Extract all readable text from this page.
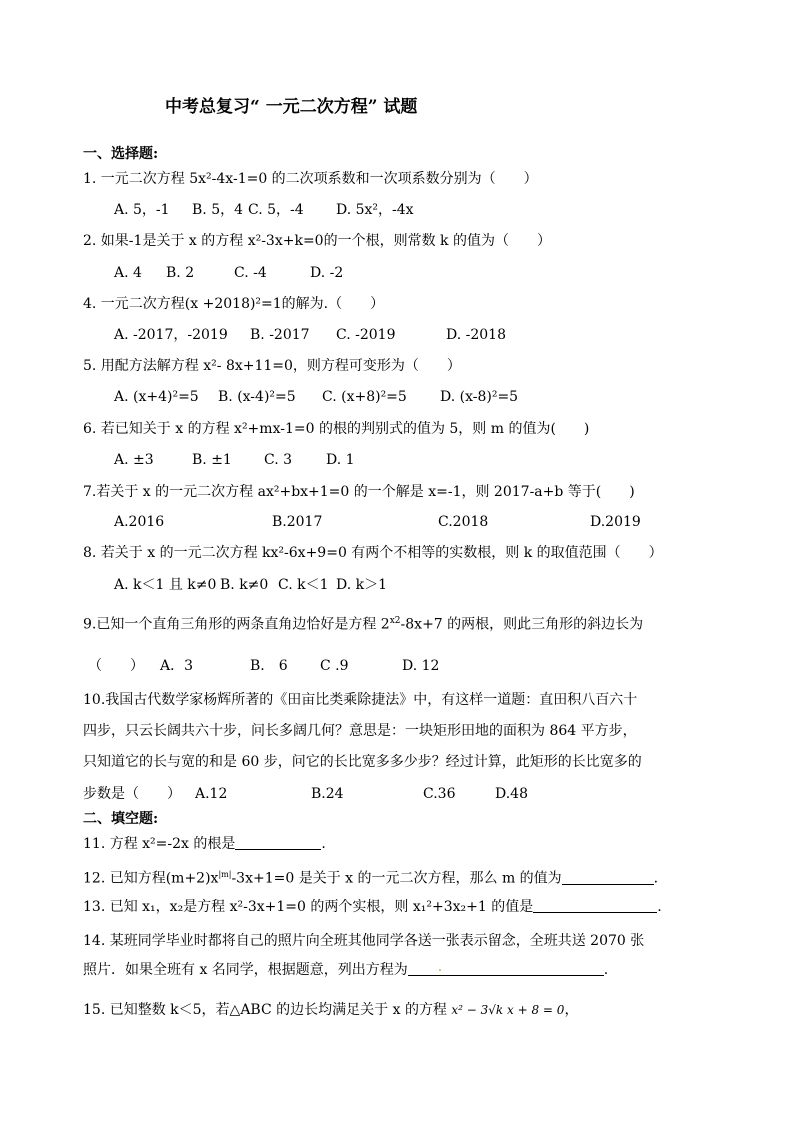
中考总复习“ 一元二次方程” 试题
一、选择题:
1. 一元二次方程 5x²-4x-1=0 的二次项系数和一次项系数分别为（　　）
A. 5，-1 B. 5，4 C. 5，-4 D. 5x²，-4x
2. 如果-1是关于 x 的方程 x²-3x+k=0的一个根，则常数 k 的值为（　　）
A. 4 B. 2	C. -4	D. -2
4. 一元二次方程(x +2018)²=1的解为.（　　）
A. -2017，-2019 B. -2017 C. -2019	D. -2018
5. 用配方法解方程 x²- 8x+11=0，则方程可变形为（　　）
A. (x+4)²=5 B. (x-4)²=5 C. (x+8)²=5 D. (x-8)²=5
6. 若已知关于 x 的方程 x²+mx-1=0 的根的判别式的值为 5，则 m 的值为(　　)
A. ±3	B. ±1 C. 3 D. 1
7.若关于 x 的一元二次方程 ax²+bx+1=0 的一个解是 x=-1，则 2017-a+b 等于(　　)
A.2016	B.2017	C.2018	D.2019
8. 若关于 x 的一元二次方程 kx²-6x+9=0 有两个不相等的实数根，则 k 的取值范围（　　）
A. k＜1 且 k≠0 B. k≠0 C. k＜1 D. k＞1
9.已知一个直角三角形的两条直角边恰好是方程 $2^{x2}-8x+7$ 的两根，则此三角形的斜边长为
（　　） A．3	B.　6 C .9	D. 12
10.我国古代数学家杨辉所著的《田亩比类乘除捷法》中，有这样一道题：直田积八百六十
四步，只云长阔共六十步，问长多阔几何？意思是：一块矩形田地的面积为 864 平方步，
只知道它的长与宽的和是 60 步，问它的长比宽多多少步？经过计算，此矩形的长比宽多的
步数是（　　） A.12	B.24	C.36	D.48
二、填空题:
11. 方程 x²=-2x 的根是	.
12. 已知方程$(m+2)x^{|m|}-3x+1=0$ 是关于 x 的一元二次方程，那么 m 的值为	.
13. 已知 x₁，x₂是方程 x²-3x+1=0 的两个实根，则 x₁²+3x₂+1 的值是	.
14. 某班同学毕业时都将自己的照片向全班其他同学各送一张表示留念，全班共送 2070 张
照片．如果全班有 x 名同学，根据题意，列出方程为 .	.
15. 已知整数 k＜5，若△ABC 的边长均满足关于 x 的方程 x² − 3√k x + 8 = 0，
